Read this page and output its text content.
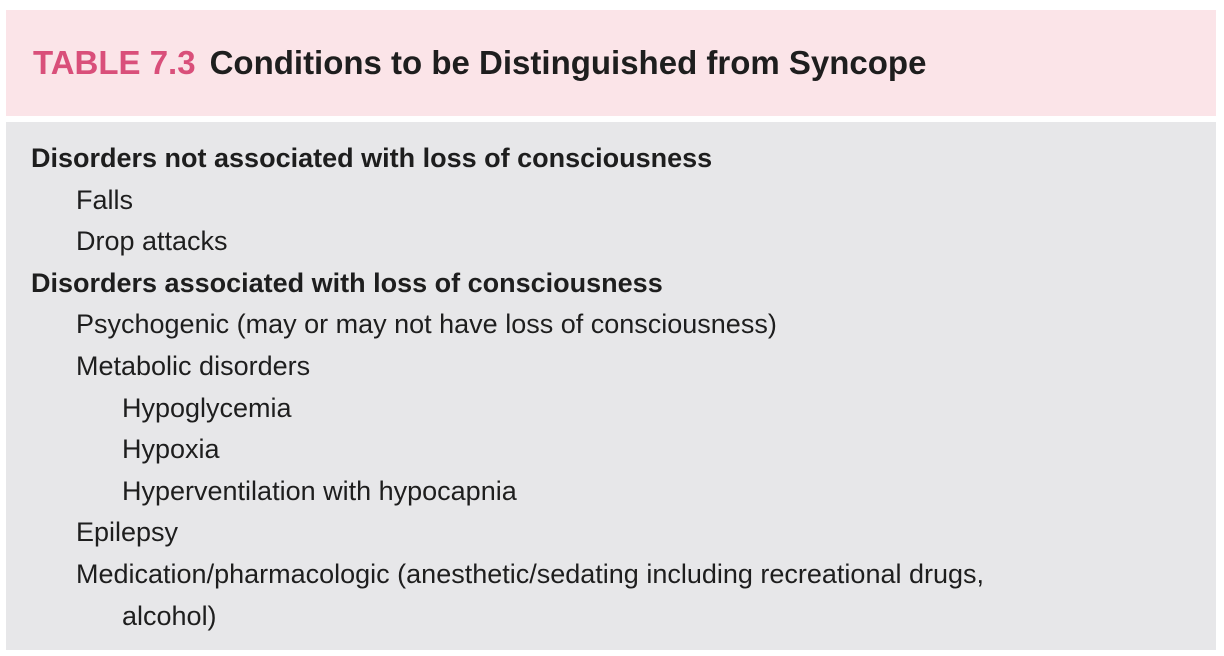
TABLE 7.3 Conditions to be Distinguished from Syncope
Disorders not associated with loss of consciousness
Falls
Drop attacks
Disorders associated with loss of consciousness
Psychogenic (may or may not have loss of consciousness)
Metabolic disorders
Hypoglycemia
Hypoxia
Hyperventilation with hypocapnia
Epilepsy
Medication/pharmacologic (anesthetic/sedating including recreational drugs,
alcohol)
